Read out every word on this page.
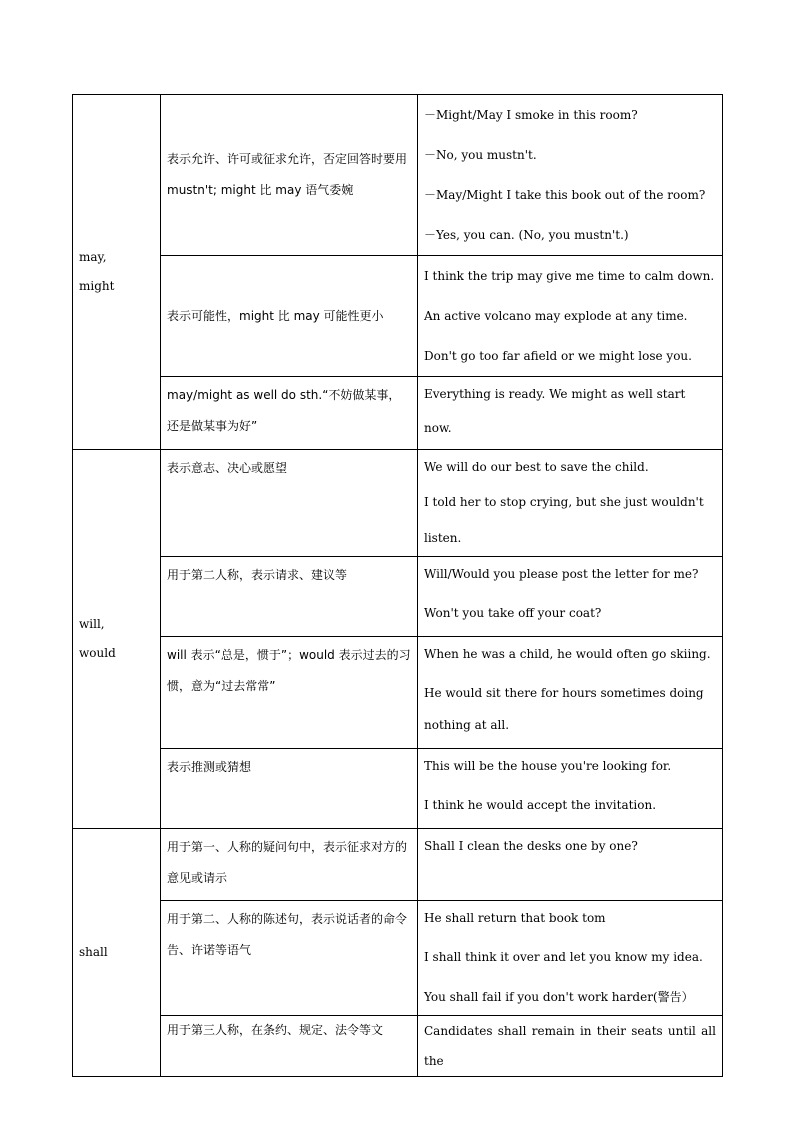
may,
might	表示允许、许可或征求允许，否定回答时要用 mustn't; might 比 may 语气委婉	－Might/May I smoke in this room?
－No, you mustn't.
－May/Might I take this book out of the room?
－Yes, you can. (No, you mustn't.)

	表示可能性，might 比 may 可能性更小	I think the trip may give me time to calm down.
An active volcano may explode at any time.
Don't go too far afield or we might lose you.

	may/might as well do sth.“不妨做某事，还是做某事为好”	Everything is ready. We might as well start now.

will,
would	表示意志、决心或愿望	We will do our best to save the child.
I told her to stop crying, but she just wouldn't listen.

	用于第二人称，表示请求、建议等	Will/Would you please post the letter for me?
Won't you take off your coat?

	will 表示“总是，惯于”；would 表示过去的习惯，意为“过去常常”	When he was a child, he would often go skiing.
He would sit there for hours sometimes doing nothing at all.

	表示推测或猜想	This will be the house you're looking for.
I think he would accept the invitation.

shall	用于第一、人称的疑问句中，表示征求对方的意见或请示	Shall I clean the desks one by one?

	用于第二、人称的陈述句，表示说话者的命令告、许诺等语气	He shall return that book tom
I shall think it over and let you know my idea.
You shall fail if you don't work harder(警告）

	用于第三人称，在条约、规定、法令等文	Candidates shall remain in their seats until all the
